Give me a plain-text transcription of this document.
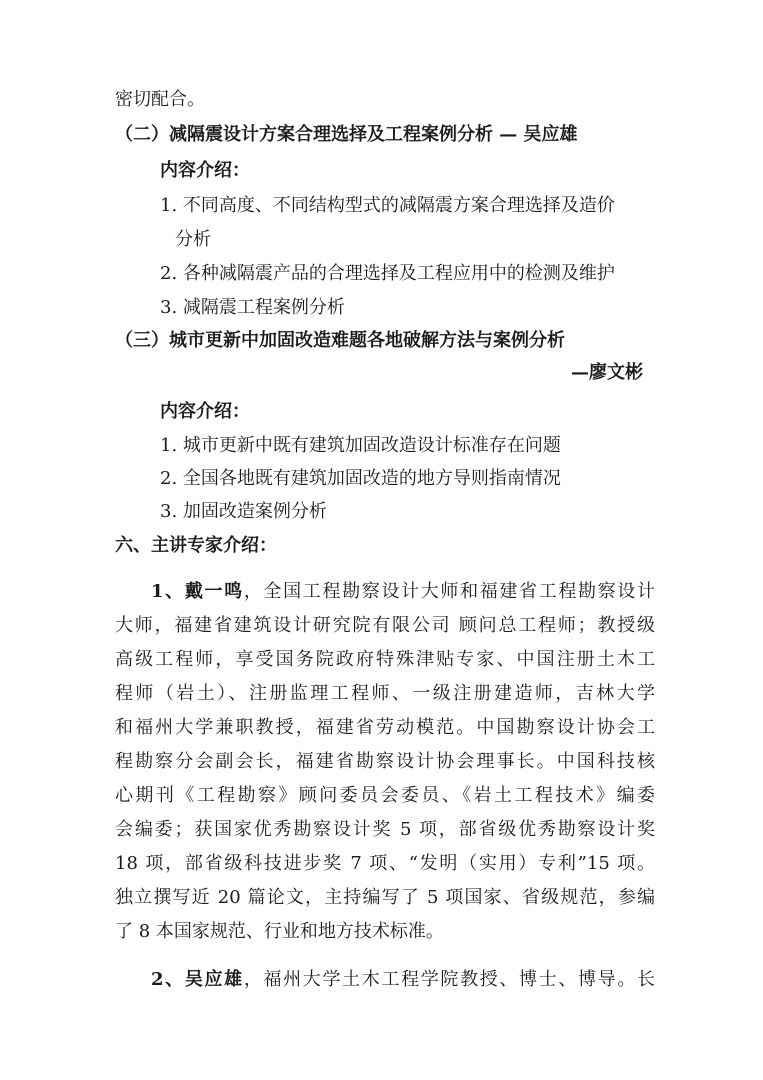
密切配合。
（二）减隔震设计方案合理选择及工程案例分析 — 吴应雄
内容介绍：
1. 不同高度、不同结构型式的减隔震方案合理选择及造价
分析
2. 各种减隔震产品的合理选择及工程应用中的检测及维护
3. 减隔震工程案例分析
（三）城市更新中加固改造难题各地破解方法与案例分析
—廖文彬
内容介绍：
1. 城市更新中既有建筑加固改造设计标准存在问题
2. 全国各地既有建筑加固改造的地方导则指南情况
3. 加固改造案例分析
六、主讲专家介绍：
1、戴一鸣，全国工程勘察设计大师和福建省工程勘察设计
大师，福建省建筑设计研究院有限公司 顾问总工程师；教授级
高级工程师，享受国务院政府特殊津贴专家、中国注册土木工
程师（岩土）、注册监理工程师、一级注册建造师，吉林大学
和福州大学兼职教授，福建省劳动模范。中国勘察设计协会工
程勘察分会副会长，福建省勘察设计协会理事长。中国科技核
心期刊《工程勘察》顾问委员会委员、《岩土工程技术》编委
会编委；获国家优秀勘察设计奖 5 项，部省级优秀勘察设计奖
18 项，部省级科技进步奖 7 项、“发明（实用）专利”15 项。
独立撰写近 20 篇论文，主持编写了 5 项国家、省级规范，参编
了 8 本国家规范、行业和地方技术标准。
2、吴应雄，福州大学土木工程学院教授、博士、博导。长
